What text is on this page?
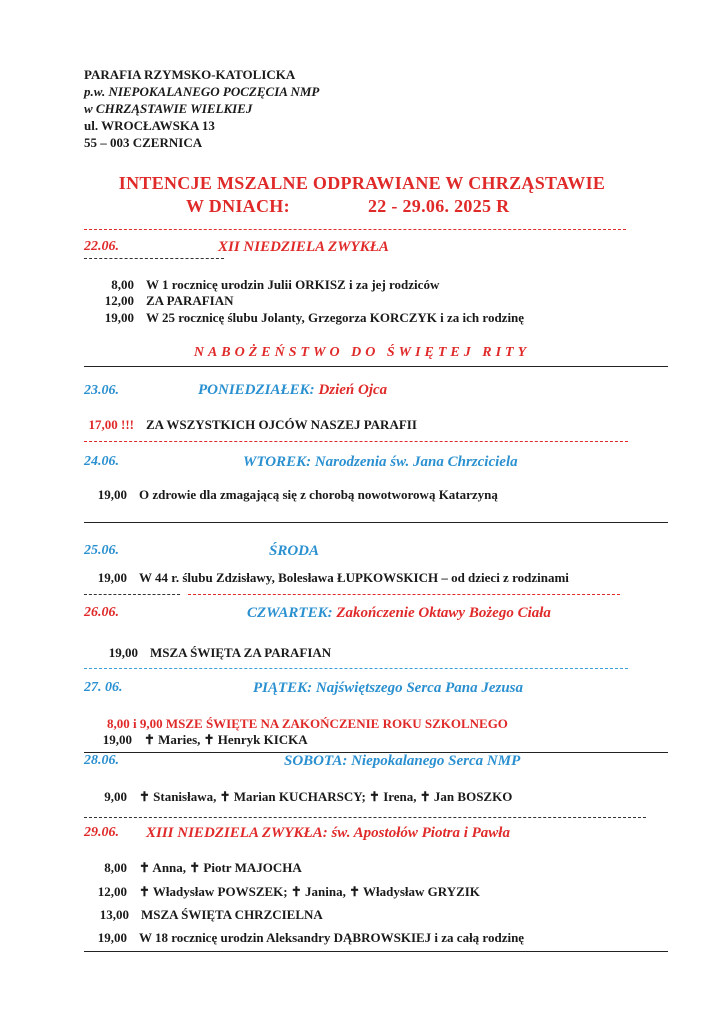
PARAFIA RZYMSKO-KATOLICKA
p.w. NIEPOKALANEGO POCZĘCIA NMP
w CHRZĄSTAWIE WIELKIEJ
ul. WROCŁAWSKA 13
55 – 003 CZERNICA
INTENCJE MSZALNE ODPRAWIANE W CHRZĄSTAWIE
W DNIACH:	22 - 29.06. 2025 R
22.06.	XII NIEDZIELA ZWYKŁA
8,00 W 1 rocznicę urodzin Julii ORKISZ i za jej rodziców
12,00 ZA PARAFIAN
19,00 W 25 rocznicę ślubu Jolanty, Grzegorza KORCZYK i za ich rodzinę
NABOŻEŃSTWO DO ŚWIĘTEJ RITY
23.06.	PONIEDZIAŁEK: Dzień Ojca
17,00 !!! ZA WSZYSTKICH OJCÓW NASZEJ PARAFII
24.06.	WTOREK: Narodzenia św. Jana Chrzciciela
19,00 O zdrowie dla zmagającą się z chorobą nowotworową Katarzyną
25.06.	ŚRODA
19,00 W 44 r. ślubu Zdzisławy, Bolesława ŁUPKOWSKICH – od dzieci z rodzinami
26.06.	CZWARTEK: Zakończenie Oktawy Bożego Ciała
19,00 MSZA ŚWIĘTA ZA PARAFIAN
27. 06.	PIĄTEK: Najświętszego Serca Pana Jezusa
8,00 i 9,00 MSZE ŚWIĘTE NA ZAKOŃCZENIE ROKU SZKOLNEGO
19,00 ✝ Maries, ✝ Henryk KICKA
28.06.	SOBOTA: Niepokalanego Serca NMP
9,00 ✝ Stanisława, ✝ Marian KUCHARSCY; ✝ Irena, ✝ Jan BOSZKO
29.06. XIII NIEDZIELA ZWYKŁA: św. Apostołów Piotra i Pawła
8,00 ✝ Anna, ✝ Piotr MAJOCHA
12,00 ✝ Władysław POWSZEK; ✝ Janina, ✝ Władysław GRYZIK
13,00 MSZA ŚWIĘTA CHRZCIELNA
19,00 W 18 rocznicę urodzin Aleksandry DĄBROWSKIEJ i za całą rodzinę
